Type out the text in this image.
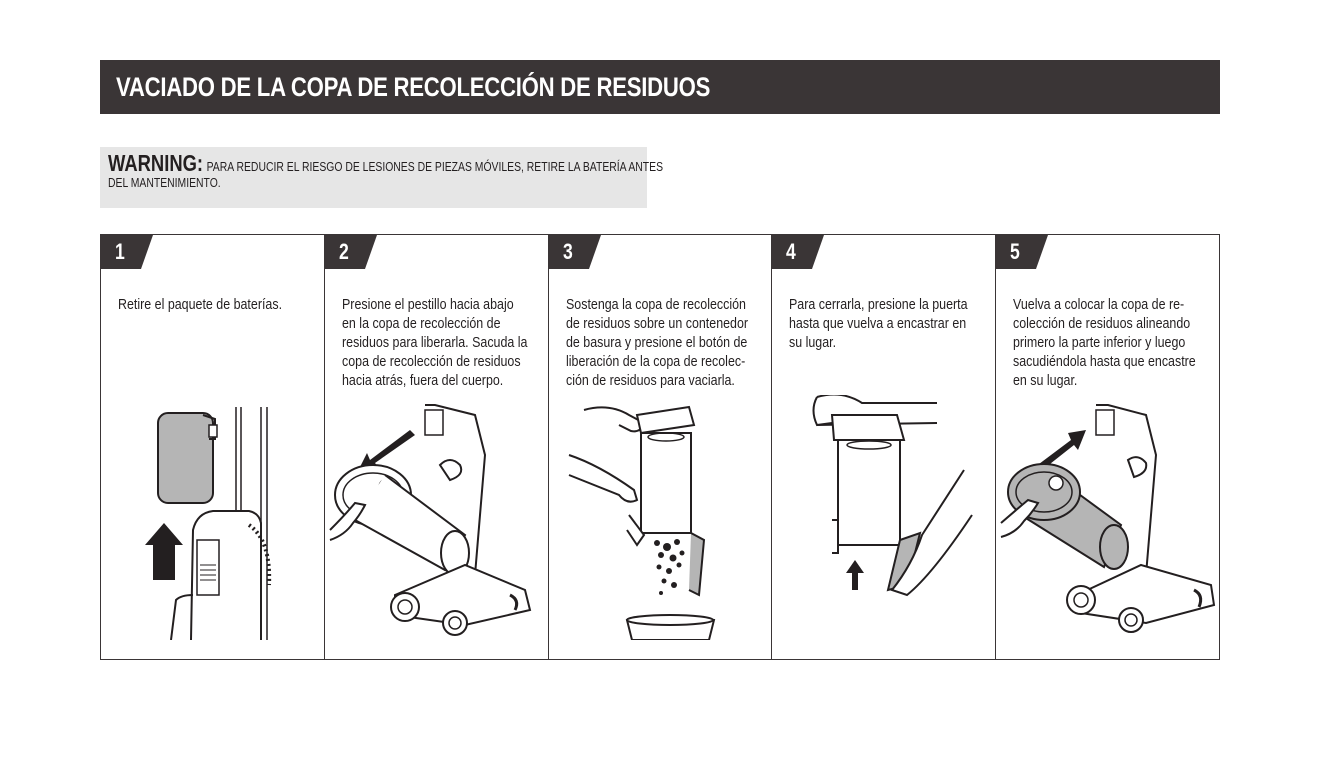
VACIADO DE LA COPA DE RECOLECCIÓN DE RESIDUOS
WARNING: PARA REDUCIR EL RIESGO DE LESIONES DE PIEZAS MÓVILES, RETIRE LA BATERÍA ANTES
DEL MANTENIMIENTO.
1
Retire el paquete de baterías.
2
Presione el pestillo hacia abajo
en la copa de recolección de
residuos para liberarla. Sacuda la
copa de recolección de residuos
hacia atrás, fuera del cuerpo.
3
Sostenga la copa de recolección
de residuos sobre un contenedor
de basura y presione el botón de
liberación de la copa de recolec-
ción de residuos para vaciarla.
4
Para cerrarla, presione la puerta
hasta que vuelva a encastrar en
su lugar.
5
Vuelva a colocar la copa de re-
colección de residuos alineando
primero la parte inferior y luego
sacudiéndola hasta que encastre
en su lugar.
